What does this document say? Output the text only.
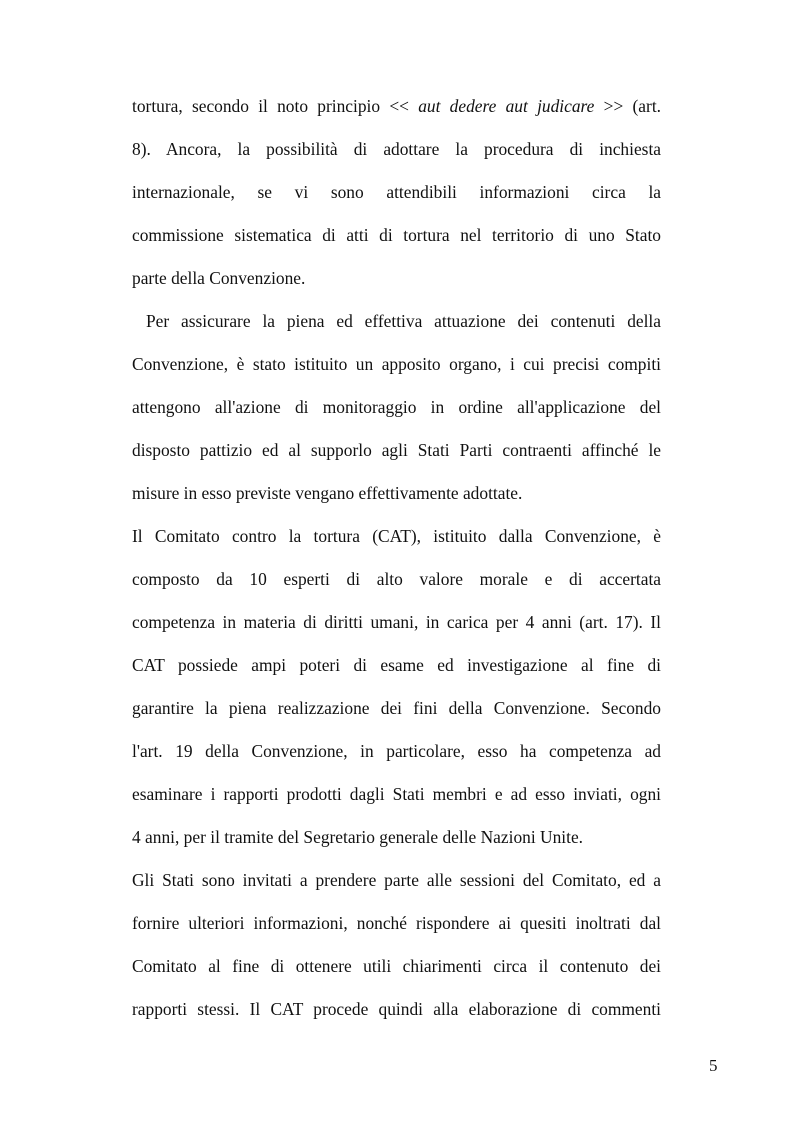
tortura, secondo il noto principio << aut dedere aut judicare >> (art.
8). Ancora, la possibilità di adottare la procedura di inchiesta
internazionale, se vi sono attendibili informazioni circa la
commissione sistematica di atti di tortura nel territorio di uno Stato
parte della Convenzione.
Per assicurare la piena ed effettiva attuazione dei contenuti della
Convenzione, è stato istituito un apposito organo, i cui precisi compiti
attengono all'azione di monitoraggio in ordine all'applicazione del
disposto pattizio ed al supporlo agli Stati Parti contraenti affinché le
misure in esso previste vengano effettivamente adottate.
Il Comitato contro la tortura (CAT), istituito dalla Convenzione, è
composto da 10 esperti di alto valore morale e di accertata
competenza in materia di diritti umani, in carica per 4 anni (art. 17). Il
CAT possiede ampi poteri di esame ed investigazione al fine di
garantire la piena realizzazione dei fini della Convenzione. Secondo
l'art. 19 della Convenzione, in particolare, esso ha competenza ad
esaminare i rapporti prodotti dagli Stati membri e ad esso inviati, ogni
4 anni, per il tramite del Segretario generale delle Nazioni Unite.
Gli Stati sono invitati a prendere parte alle sessioni del Comitato, ed a
fornire ulteriori informazioni, nonché rispondere ai quesiti inoltrati dal
Comitato al fine di ottenere utili chiarimenti circa il contenuto dei
rapporti stessi. Il CAT procede quindi alla elaborazione di commenti
5
